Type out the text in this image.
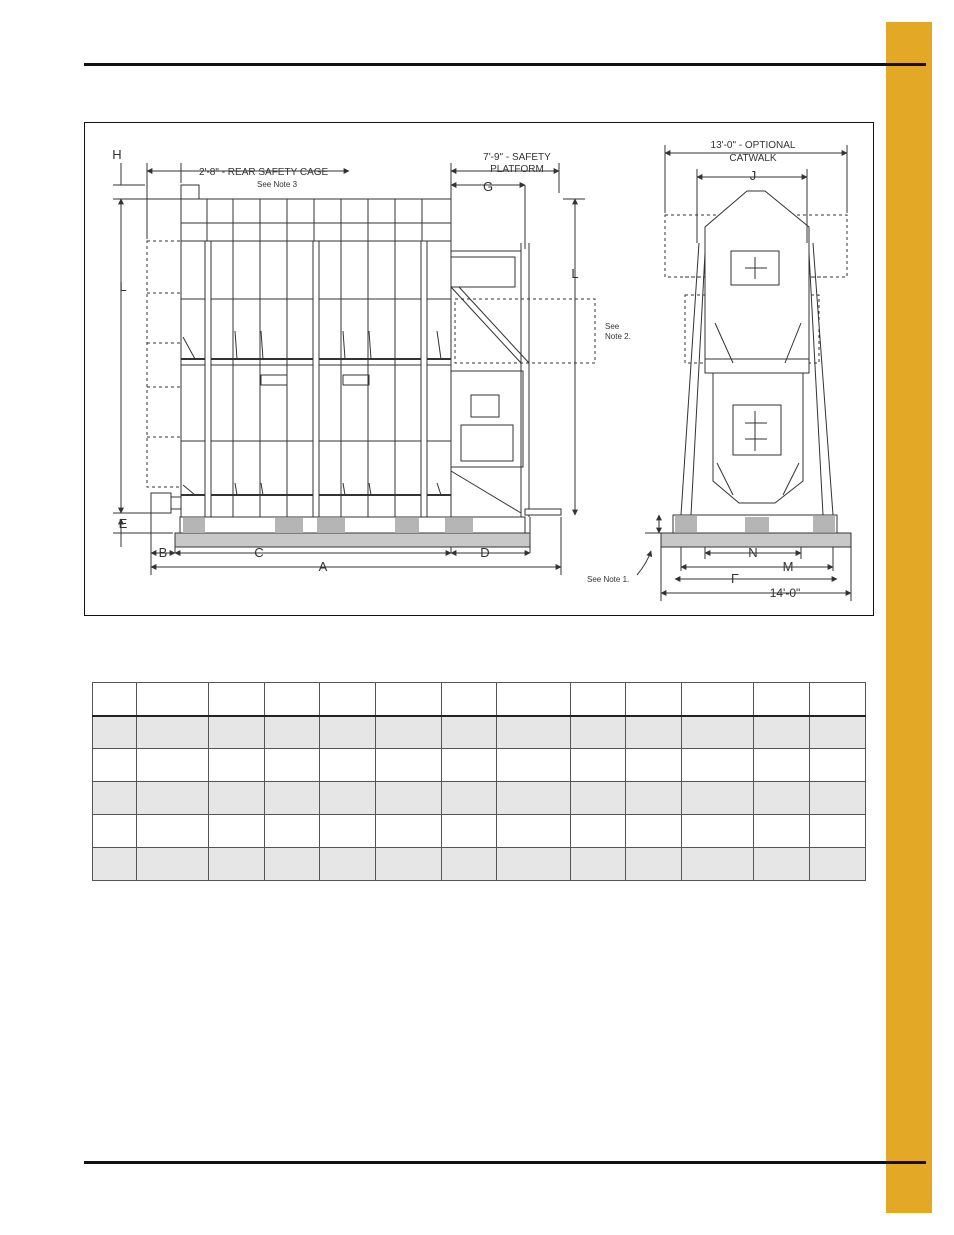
H
2'-8" - REAR SAFETY CAGE
See Note 3
7'-9" - SAFETY
PLATFORM
G
L
L
See
Note 2.
E
B	C	D
A
13'-0" - OPTIONAL
CATWALK
J
N
M
F
14'-0"
See Note 1.
